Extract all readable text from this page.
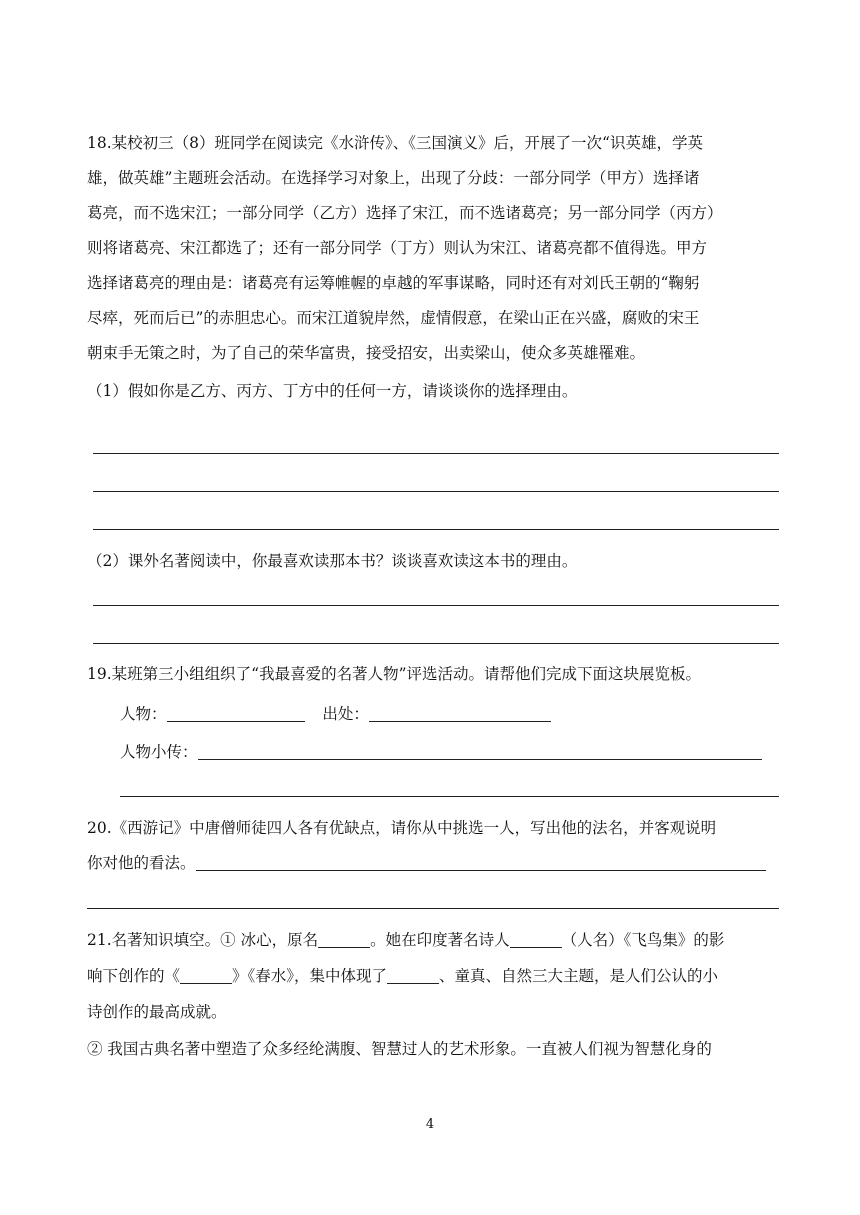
18.某校初三（8）班同学在阅读完《水浒传》、《三国演义》后，开展了一次“识英雄，学英
雄，做英雄”主题班会活动。在选择学习对象上，出现了分歧：一部分同学（甲方）选择诸
葛亮，而不选宋江；一部分同学（乙方）选择了宋江，而不选诸葛亮；另一部分同学（丙方）
则将诸葛亮、宋江都选了；还有一部分同学（丁方）则认为宋江、诸葛亮都不值得选。甲方
选择诸葛亮的理由是：诸葛亮有运筹帷幄的卓越的军事谋略，同时还有对刘氏王朝的“鞠躬
尽瘁，死而后已”的赤胆忠心。而宋江道貌岸然，虚情假意，在梁山正在兴盛，腐败的宋王
朝束手无策之时，为了自己的荣华富贵，接受招安，出卖梁山，使众多英雄罹难。
（1）假如你是乙方、丙方、丁方中的任何一方，请谈谈你的选择理由。
（2）课外名著阅读中，你最喜欢读那本书？谈谈喜欢读这本书的理由。
19.某班第三小组组织了“我最喜爱的名著人物”评选活动。请帮他们完成下面这块展览板。
人物：	出处：
人物小传：
20.《西游记》中唐僧师徒四人各有优缺点，请你从中挑选一人，写出他的法名，并客观说明
你对他的看法。
21.名著知识填空。① 冰心，原名	。她在印度著名诗人	（人名）《飞鸟集》的影
响下创作的《	》《春水》，集中体现了	、童真、自然三大主题，是人们公认的小
诗创作的最高成就。
② 我国古典名著中塑造了众多经纶满腹、智慧过人的艺术形象。一直被人们视为智慧化身的
4
